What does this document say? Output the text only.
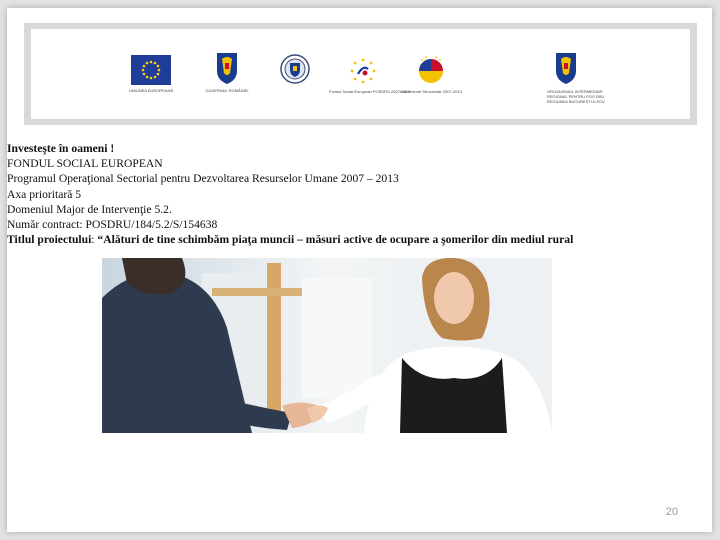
UNIUNEA EUROPEANĂ	GUVERNUL ROMÂNIEI	Fondul Social European POSDRU 2007-2013
Instrumente Structurale 2007-2013	ORGANISMUL INTERMEDIAR REGIONAL PENTRU POS DRU REGIUNEA BUCUREȘTI-ILFOV
Investeşte în oameni !
FONDUL SOCIAL EUROPEAN
Programul Operaţional Sectorial pentru Dezvoltarea Resurselor Umane 2007 – 2013
Axa prioritară 5
Domeniul Major de Intervenţie 5.2.
Număr contract: POSDRU/184/5.2/S/154638
Titlul proiectului: “Alături de tine schimbăm piaţa muncii – măsuri active de ocupare a şomerilor din mediul rural
20
